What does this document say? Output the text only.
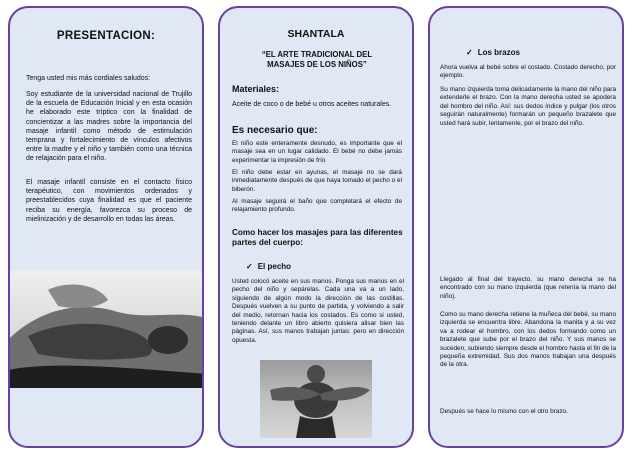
PRESENTACION:

Tenga usted mis más cordiales saludos:

Soy estudiante de la universidad nacional de Trujillo de la escuela de Educación Inicial y en esta ocasión he elaborado este tríptico con la finalidad de concientizar a las madres sobre la importancia del masaje infantil como método de estimulación temprana y fortalecimiento de vínculos afectivos entre la madre y el niño y también como una técnica de relajación para el niño.

El masaje infantil consiste en el contacto físico terapéutico, con movimientos ordenados y preestablecidos cuya finalidad es que el paciente reciba su energía, favorezca su proceso de mielinización y de desarrollo en todas las áreas.

SHANTALA
“EL ARTE TRADICIONAL DEL MASAJES DE LOS NIÑOS”
Materiales:

Aceite de coco o de bebé u otros aceites naturales.

Es necesario que:

El niño este enteramente desnudo, es importante que el masaje sea en un lugar calidado. El bebé no debe jamás experimentar la impresión de frío

El niño debe estar en ayunas, el masaje no se dará inmediatamente después de que haya tomado el pecho o el biberón.

Al masaje seguirá el baño que completará el efecto de relajamiento profundo.

Como hacer los masajes para las diferentes partes del cuerpo:
✓ El pecho

Usted colocó aceite en sus manos. Ponga sus manos en el pecho del niño y sepárelas. Cada una va a un lado, siguiendo de algún modo la dirección de las costillas. Después vuelven a su punto de partida, y volviendo a salir del medio, retornan hacia los costados. Es como si usted, teniendo delante un libro abierto quisiera alisar bien las páginas. Así, sus manos trabajan juntas: pero en dirección opuesta.

✓ Los brazos

Ahora vuelva al bebé sobre el costado. Costado derecho, por ejemplo.

Su mano izquierda toma delicadamente la mano del niño para extenderle el brazo. Con la mano derecha usted se apodera del hombro del niño. Así: sus dedos índice y pulgar (los otros seguirán naturalmente) formarán un pequeño brazalete que usted hará subir, lentamente, por el brazo del niño.

Llegado al final del trayecto, su mano derecha se ha encontrado con su mano izquierda (que retenía la mano del niño).

Como su mano derecha retiene la muñeca del bebé, su mano izquierda se encuentra libre. Abandona la manita y a su vez va a rodear el hombro, con los dedos formando como un brazalete que sube por el brazo del niño. Y sus manos se suceden, subiendo siempre desde el hombro hasta el fin de la pequeña extremidad. Sus dos manos trabajan una después de la otra.

Después se hace lo mismo con el otro brazo.
